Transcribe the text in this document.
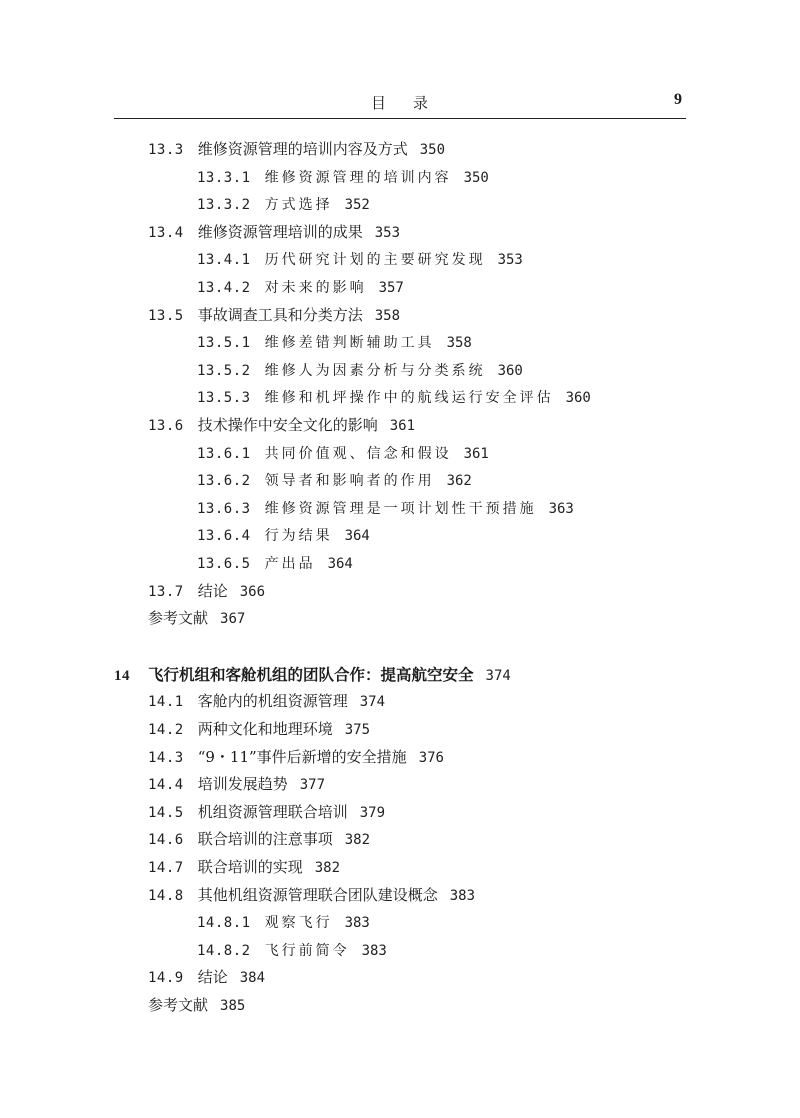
目 录	9
13.3 维修资源管理的培训内容及方式 350
13.3.1 维修资源管理的培训内容 350
13.3.2 方式选择 352
13.4 维修资源管理培训的成果 353
13.4.1 历代研究计划的主要研究发现 353
13.4.2 对未来的影响 357
13.5 事故调查工具和分类方法 358
13.5.1 维修差错判断辅助工具 358
13.5.2 维修人为因素分析与分类系统 360
13.5.3 维修和机坪操作中的航线运行安全评估 360
13.6 技术操作中安全文化的影响 361
13.6.1 共同价值观、信念和假设 361
13.6.2 领导者和影响者的作用 362
13.6.3 维修资源管理是一项计划性干预措施 363
13.6.4 行为结果 364
13.6.5 产出品 364
13.7 结论 366
参考文献 367
14 飞行机组和客舱机组的团队合作：提高航空安全 374
14.1 客舱内的机组资源管理 374
14.2 两种文化和地理环境 375
14.3 “9・11”事件后新增的安全措施 376
14.4 培训发展趋势 377
14.5 机组资源管理联合培训 379
14.6 联合培训的注意事项 382
14.7 联合培训的实现 382
14.8 其他机组资源管理联合团队建设概念 383
14.8.1 观察飞行 383
14.8.2 飞行前简令 383
14.9 结论 384
参考文献 385
